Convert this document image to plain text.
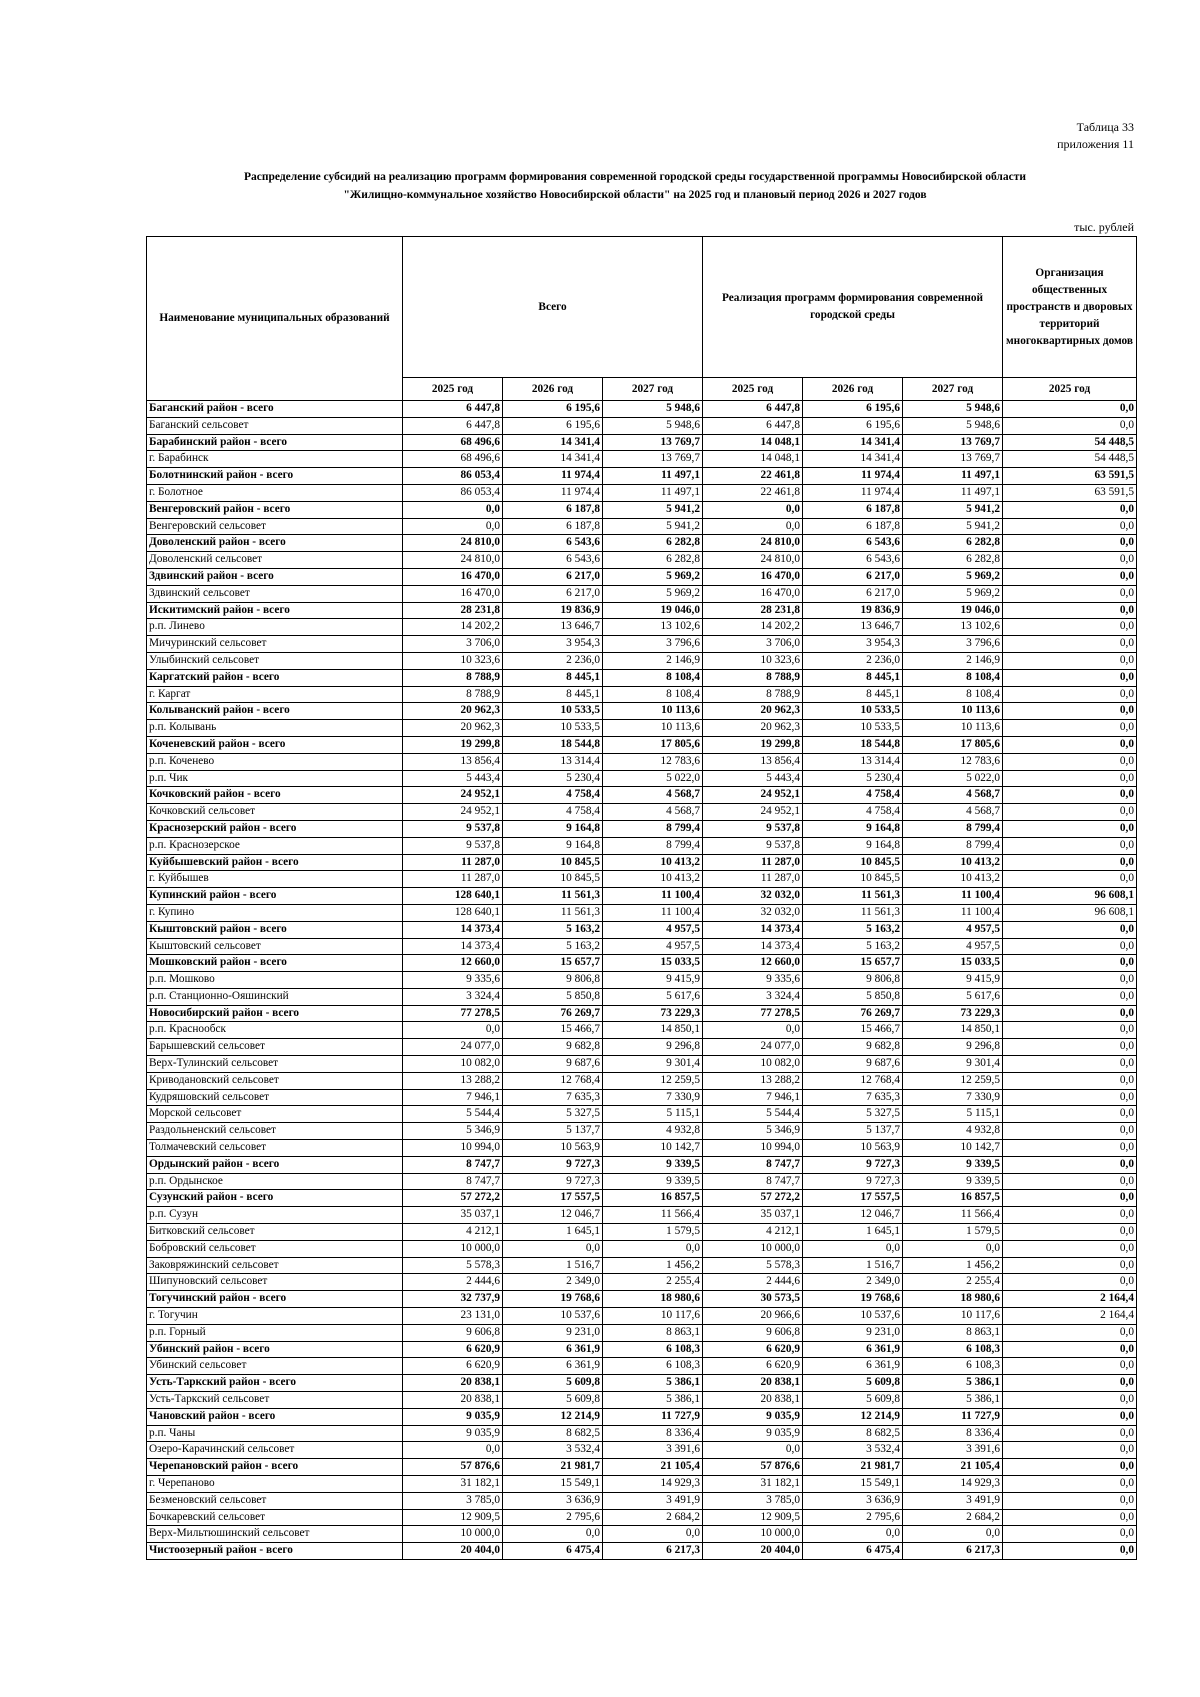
Таблица 33
приложения 11
Распределение субсидий на реализацию программ формирования современной городской среды государственной программы Новосибирской области
"Жилищно-коммунальное хозяйство Новосибирской области" на 2025 год и плановый период 2026 и 2027 годов
тыс. рублей
Наименование муниципальных образований	Всего			Реализация программ формирования современной городской среды			Организация общественных пространств и дворовых территорий многоквартирных домов
	2025 год	2026 год	2027 год	2025 год	2026 год	2027 год	2025 год
Баганский район - всего	6 447,8	6 195,6	5 948,6	6 447,8	6 195,6	5 948,6	0,0
Баганский сельсовет	6 447,8	6 195,6	5 948,6	6 447,8	6 195,6	5 948,6	0,0
Барабинский район - всего	68 496,6	14 341,4	13 769,7	14 048,1	14 341,4	13 769,7	54 448,5
г. Барабинск	68 496,6	14 341,4	13 769,7	14 048,1	14 341,4	13 769,7	54 448,5
Болотнинский район - всего	86 053,4	11 974,4	11 497,1	22 461,8	11 974,4	11 497,1	63 591,5
г. Болотное	86 053,4	11 974,4	11 497,1	22 461,8	11 974,4	11 497,1	63 591,5
Венгеровский район - всего	0,0	6 187,8	5 941,2	0,0	6 187,8	5 941,2	0,0
Венгеровский сельсовет	0,0	6 187,8	5 941,2	0,0	6 187,8	5 941,2	0,0
Доволенский район - всего	24 810,0	6 543,6	6 282,8	24 810,0	6 543,6	6 282,8	0,0
Доволенский сельсовет	24 810,0	6 543,6	6 282,8	24 810,0	6 543,6	6 282,8	0,0
Здвинский район - всего	16 470,0	6 217,0	5 969,2	16 470,0	6 217,0	5 969,2	0,0
Здвинский сельсовет	16 470,0	6 217,0	5 969,2	16 470,0	6 217,0	5 969,2	0,0
Искитимский район - всего	28 231,8	19 836,9	19 046,0	28 231,8	19 836,9	19 046,0	0,0
р.п. Линево	14 202,2	13 646,7	13 102,6	14 202,2	13 646,7	13 102,6	0,0
Мичуринский сельсовет	3 706,0	3 954,3	3 796,6	3 706,0	3 954,3	3 796,6	0,0
Улыбинский сельсовет	10 323,6	2 236,0	2 146,9	10 323,6	2 236,0	2 146,9	0,0
Каргатский район - всего	8 788,9	8 445,1	8 108,4	8 788,9	8 445,1	8 108,4	0,0
г. Каргат	8 788,9	8 445,1	8 108,4	8 788,9	8 445,1	8 108,4	0,0
Колыванский район - всего	20 962,3	10 533,5	10 113,6	20 962,3	10 533,5	10 113,6	0,0
р.п. Колывань	20 962,3	10 533,5	10 113,6	20 962,3	10 533,5	10 113,6	0,0
Коченевский район - всего	19 299,8	18 544,8	17 805,6	19 299,8	18 544,8	17 805,6	0,0
р.п. Коченево	13 856,4	13 314,4	12 783,6	13 856,4	13 314,4	12 783,6	0,0
р.п. Чик	5 443,4	5 230,4	5 022,0	5 443,4	5 230,4	5 022,0	0,0
Кочковский район - всего	24 952,1	4 758,4	4 568,7	24 952,1	4 758,4	4 568,7	0,0
Кочковский сельсовет	24 952,1	4 758,4	4 568,7	24 952,1	4 758,4	4 568,7	0,0
Краснозерский район - всего	9 537,8	9 164,8	8 799,4	9 537,8	9 164,8	8 799,4	0,0
р.п. Краснозерское	9 537,8	9 164,8	8 799,4	9 537,8	9 164,8	8 799,4	0,0
Куйбышевский район - всего	11 287,0	10 845,5	10 413,2	11 287,0	10 845,5	10 413,2	0,0
г. Куйбышев	11 287,0	10 845,5	10 413,2	11 287,0	10 845,5	10 413,2	0,0
Купинский район - всего	128 640,1	11 561,3	11 100,4	32 032,0	11 561,3	11 100,4	96 608,1
г. Купино	128 640,1	11 561,3	11 100,4	32 032,0	11 561,3	11 100,4	96 608,1
Кыштовский район - всего	14 373,4	5 163,2	4 957,5	14 373,4	5 163,2	4 957,5	0,0
Кыштовский сельсовет	14 373,4	5 163,2	4 957,5	14 373,4	5 163,2	4 957,5	0,0
Мошковский район - всего	12 660,0	15 657,7	15 033,5	12 660,0	15 657,7	15 033,5	0,0
р.п. Мошково	9 335,6	9 806,8	9 415,9	9 335,6	9 806,8	9 415,9	0,0
р.п. Станционно-Ояшинский	3 324,4	5 850,8	5 617,6	3 324,4	5 850,8	5 617,6	0,0
Новосибирский район - всего	77 278,5	76 269,7	73 229,3	77 278,5	76 269,7	73 229,3	0,0
р.п. Краснообск	0,0	15 466,7	14 850,1	0,0	15 466,7	14 850,1	0,0
Барышевский сельсовет	24 077,0	9 682,8	9 296,8	24 077,0	9 682,8	9 296,8	0,0
Верх-Тулинский сельсовет	10 082,0	9 687,6	9 301,4	10 082,0	9 687,6	9 301,4	0,0
Криводановский сельсовет	13 288,2	12 768,4	12 259,5	13 288,2	12 768,4	12 259,5	0,0
Кудряшовский сельсовет	7 946,1	7 635,3	7 330,9	7 946,1	7 635,3	7 330,9	0,0
Морской сельсовет	5 544,4	5 327,5	5 115,1	5 544,4	5 327,5	5 115,1	0,0
Раздольненский сельсовет	5 346,9	5 137,7	4 932,8	5 346,9	5 137,7	4 932,8	0,0
Толмачевский сельсовет	10 994,0	10 563,9	10 142,7	10 994,0	10 563,9	10 142,7	0,0
Ордынский район - всего	8 747,7	9 727,3	9 339,5	8 747,7	9 727,3	9 339,5	0,0
р.п. Ордынское	8 747,7	9 727,3	9 339,5	8 747,7	9 727,3	9 339,5	0,0
Сузунский район - всего	57 272,2	17 557,5	16 857,5	57 272,2	17 557,5	16 857,5	0,0
р.п. Сузун	35 037,1	12 046,7	11 566,4	35 037,1	12 046,7	11 566,4	0,0
Битковский сельсовет	4 212,1	1 645,1	1 579,5	4 212,1	1 645,1	1 579,5	0,0
Бобровский сельсовет	10 000,0	0,0	0,0	10 000,0	0,0	0,0	0,0
Заковряжинский сельсовет	5 578,3	1 516,7	1 456,2	5 578,3	1 516,7	1 456,2	0,0
Шипуновский сельсовет	2 444,6	2 349,0	2 255,4	2 444,6	2 349,0	2 255,4	0,0
Тогучинский район - всего	32 737,9	19 768,6	18 980,6	30 573,5	19 768,6	18 980,6	2 164,4
г. Тогучин	23 131,0	10 537,6	10 117,6	20 966,6	10 537,6	10 117,6	2 164,4
р.п. Горный	9 606,8	9 231,0	8 863,1	9 606,8	9 231,0	8 863,1	0,0
Убинский район - всего	6 620,9	6 361,9	6 108,3	6 620,9	6 361,9	6 108,3	0,0
Убинский сельсовет	6 620,9	6 361,9	6 108,3	6 620,9	6 361,9	6 108,3	0,0
Усть-Таркский район - всего	20 838,1	5 609,8	5 386,1	20 838,1	5 609,8	5 386,1	0,0
Усть-Таркский сельсовет	20 838,1	5 609,8	5 386,1	20 838,1	5 609,8	5 386,1	0,0
Чановский район - всего	9 035,9	12 214,9	11 727,9	9 035,9	12 214,9	11 727,9	0,0
р.п. Чаны	9 035,9	8 682,5	8 336,4	9 035,9	8 682,5	8 336,4	0,0
Озеро-Карачинский сельсовет	0,0	3 532,4	3 391,6	0,0	3 532,4	3 391,6	0,0
Черепановский район - всего	57 876,6	21 981,7	21 105,4	57 876,6	21 981,7	21 105,4	0,0
г. Черепаново	31 182,1	15 549,1	14 929,3	31 182,1	15 549,1	14 929,3	0,0
Безменовский сельсовет	3 785,0	3 636,9	3 491,9	3 785,0	3 636,9	3 491,9	0,0
Бочкаревский сельсовет	12 909,5	2 795,6	2 684,2	12 909,5	2 795,6	2 684,2	0,0
Верх-Мильтюшинский сельсовет	10 000,0	0,0	0,0	10 000,0	0,0	0,0	0,0
Чистоозерный район - всего	20 404,0	6 475,4	6 217,3	20 404,0	6 475,4	6 217,3	0,0
